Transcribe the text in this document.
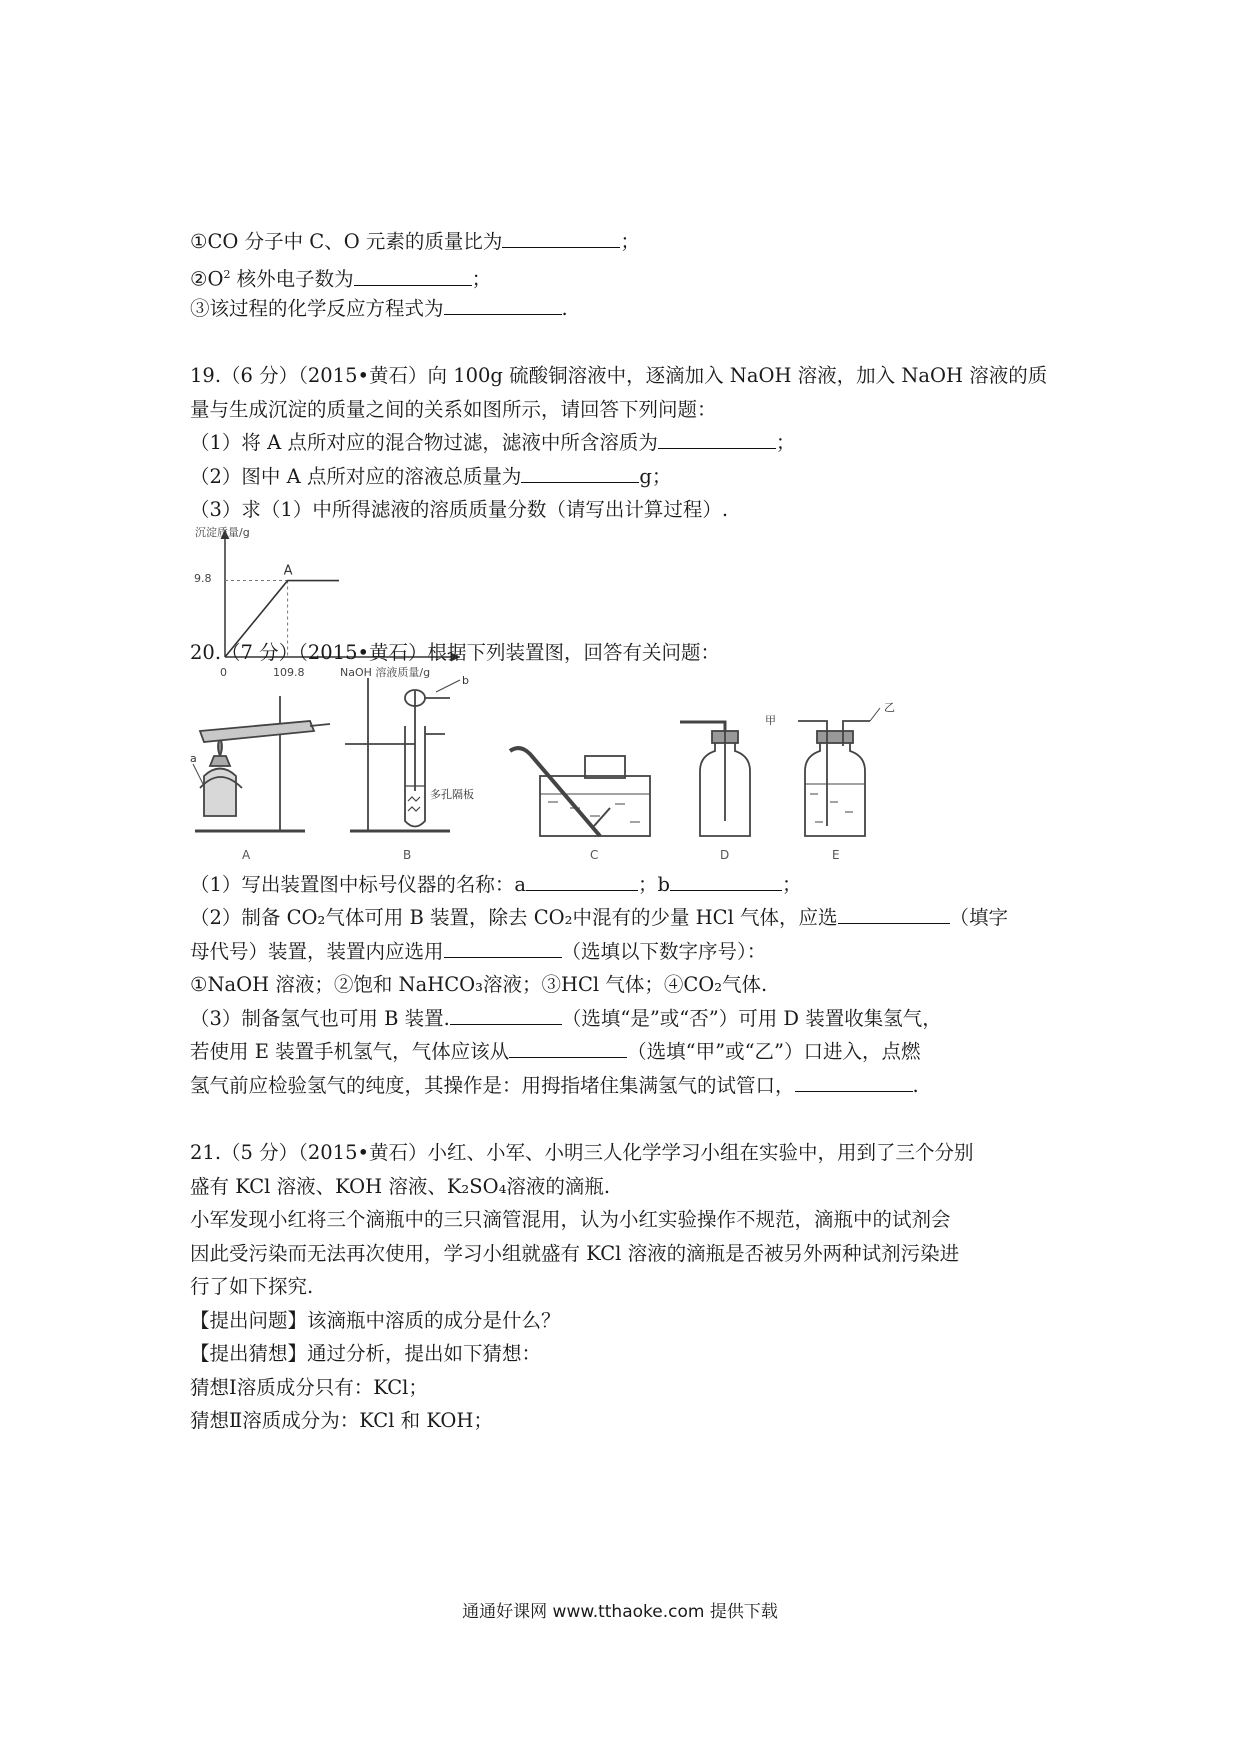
①CO 分子中 C、O 元素的质量比为	；
$②O^2$ 核外电子数为	；
③该过程的化学反应方程式为	.
19.（6 分）（2015•黄石）向 100g 硫酸铜溶液中，逐滴加入 NaOH 溶液，加入 NaOH 溶液的质
量与生成沉淀的质量之间的关系如图所示，请回答下列问题：
（1）将 A 点所对应的混合物过滤，滤液中所含溶质为	；
（2）图中 A 点所对应的溶液总质量为	g；
（3）求（1）中所得滤液的溶质质量分数（请写出计算过程）.
沉淀质量/g
NaOH 溶液质量/g
9.8
0	109.8
A
20.（7 分）（2015•黄石）根据下列装置图，回答有关问题：
a
b
多孔隔板
甲
乙
A	B	C	D	E
（1）写出装置图中标号仪器的名称：a	；b	；
（2）制备 CO₂气体可用 B 装置，除去 CO₂中混有的少量 HCl 气体，应选	（填字
母代号）装置，装置内应选用	（选填以下数字序号）：
①NaOH 溶液；②饱和 NaHCO₃溶液；③HCl 气体；④CO₂气体.
（3）制备氢气也可用 B 装置.	（选填“是”或“否”）可用 D 装置收集氢气，
若使用 E 装置手机氢气，气体应该从	（选填“甲”或“乙”）口进入，点燃
氢气前应检验氢气的纯度，其操作是：用拇指堵住集满氢气的试管口，	.
21.（5 分）（2015•黄石）小红、小军、小明三人化学学习小组在实验中，用到了三个分别
盛有 KCl 溶液、KOH 溶液、K₂SO₄溶液的滴瓶.
小军发现小红将三个滴瓶中的三只滴管混用，认为小红实验操作不规范，滴瓶中的试剂会
因此受污染而无法再次使用，学习小组就盛有 KCl 溶液的滴瓶是否被另外两种试剂污染进
行了如下探究.
【提出问题】该滴瓶中溶质的成分是什么？
【提出猜想】通过分析，提出如下猜想：
猜想Ⅰ溶质成分只有：KCl；
猜想Ⅱ溶质成分为：KCl 和 KOH；
通通好课网 www.tthaoke.com 提供下载
